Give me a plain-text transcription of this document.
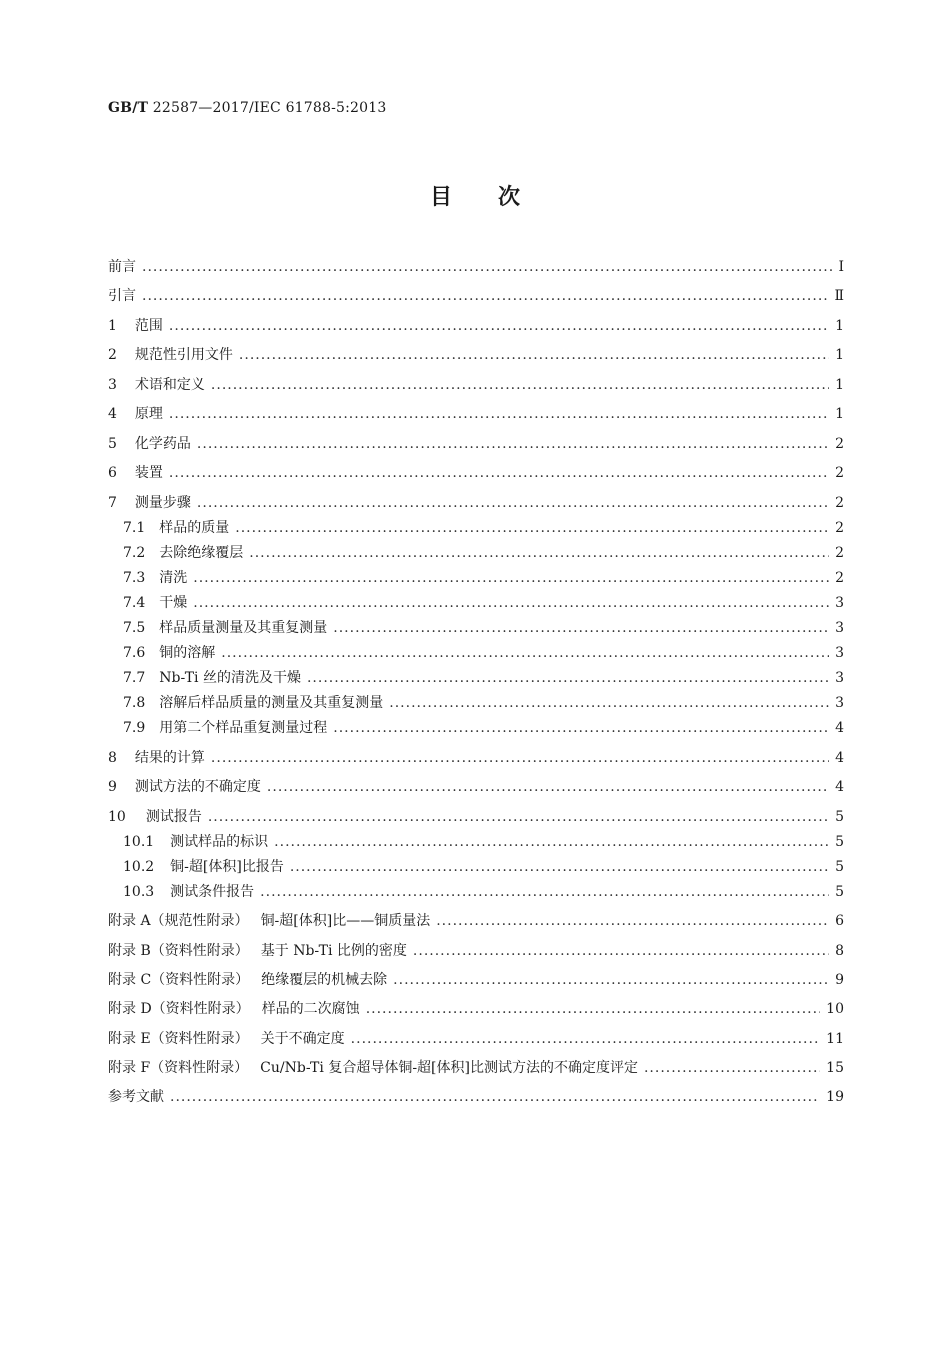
GB/T 22587—2017/IEC 61788-5:2013
目次
前言 .....	Ⅰ
引言 .....	Ⅱ
1 范围 .....	1
2 规范性引用文件 .....	1
3 术语和定义 .....	1
4 原理 .....	1
5 化学药品 .....	2
6 装置 .....	2
7 测量步骤 .....	2
7.1 样品的质量 .....	2
7.2 去除绝缘覆层 .....	2
7.3 清洗 .....	2
7.4 干燥 .....	3
7.5 样品质量测量及其重复测量 .....	3
7.6 铜的溶解 .....	3
7.7 Nb-Ti 丝的清洗及干燥 .....	3
7.8 溶解后样品质量的测量及其重复测量 .....	3
7.9 用第二个样品重复测量过程 .....	4
8 结果的计算 .....	4
9 测试方法的不确定度 .....	4
10 测试报告 .....	5
10.1 测试样品的标识 .....	5
10.2 铜-超[体积]比报告 .....	5
10.3 测试条件报告 .....	5
附录 A（规范性附录） 铜-超[体积]比——铜质量法 .....	6
附录 B（资料性附录） 基于 Nb-Ti 比例的密度 .....	8
附录 C（资料性附录） 绝缘覆层的机械去除 .....	9
附录 D（资料性附录） 样品的二次腐蚀 .....	10
附录 E（资料性附录） 关于不确定度 .....	11
附录 F（资料性附录） Cu/Nb-Ti 复合超导体铜-超[体积]比测试方法的不确定度评定 .....	15
参考文献 .....	19
